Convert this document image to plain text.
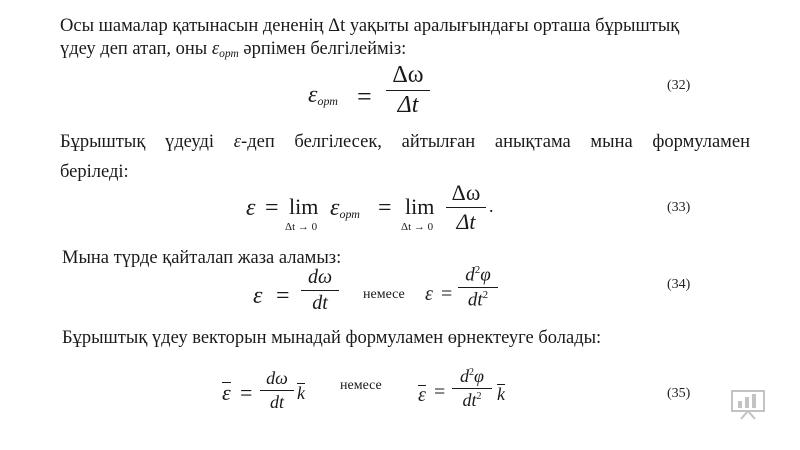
Осы шамалар қатынасын дененің Δt уақыты аралығындағы орташа бұрыштық
үдеу деп атап, оны $\varepsilon_{орт}$ әрпімен белгілейміз:
$\varepsilon_{орт}$ =
Δω
Δt
(32)
Бұрыштық үдеуді ε-деп белгілесек, айтылған анықтама мына формуламен
беріледі:
ε = lim
Δt → 0
$\varepsilon_{орт} = \lim$
Δt → 0
Δω
Δt
.	(33)
Мына түрде қайталап жаза аламыз:
ε =
dω
dt	немесе ε =
$d^2\varphi$
$dt^2$
(34)
Бұрыштық үдеу векторын мынадай формуламен өрнектеуге болады:
ε =
dω
dt k	немесе ε =
$d^2\varphi$
$dt^2$ k	(35)
